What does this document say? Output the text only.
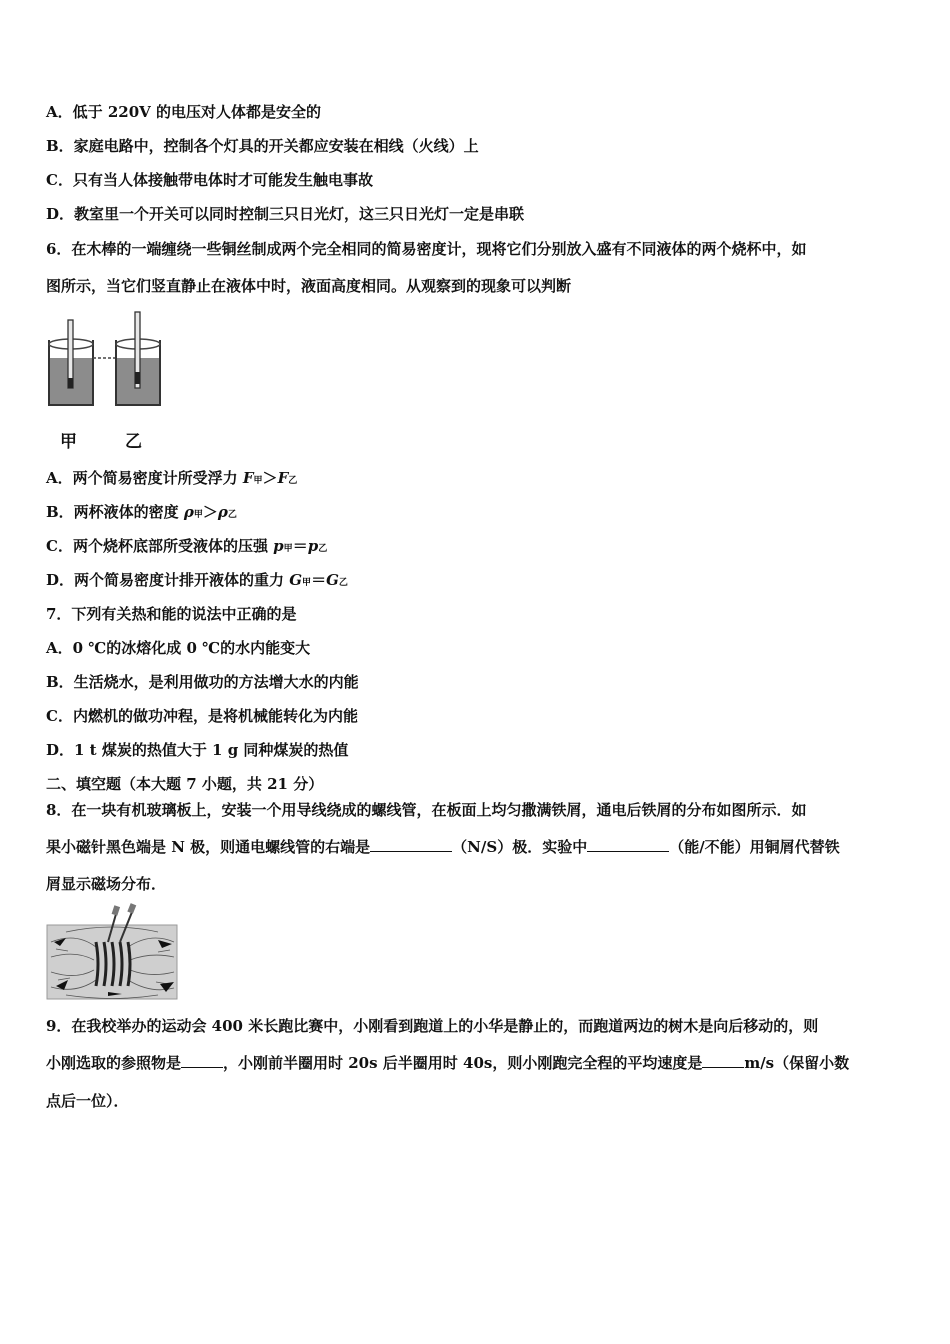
A．低于 220V 的电压对人体都是安全的
B．家庭电路中，控制各个灯具的开关都应安装在相线（火线）上
C．只有当人体接触带电体时才可能发生触电事故
D．教室里一个开关可以同时控制三只日光灯，这三只日光灯一定是串联
6．在木棒的一端缠绕一些铜丝制成两个完全相同的简易密度计，现将它们分别放入盛有不同液体的两个烧杯中，如
图所示，当它们竖直静止在液体中时，液面高度相同。从观察到的现象可以判断
甲	乙
A．两个简易密度计所受浮力 F甲＞F乙
B．两杯液体的密度 ρ甲＞ρ乙
C．两个烧杯底部所受液体的压强 p甲＝p乙
D．两个简易密度计排开液体的重力 G甲＝G乙
7．下列有关热和能的说法中正确的是
A．0 ℃的冰熔化成 0 ℃的水内能变大
B．生活烧水，是利用做功的方法增大水的内能
C．内燃机的做功冲程，是将机械能转化为内能
D．1 t 煤炭的热值大于 1 g 同种煤炭的热值
二、填空题（本大题 7 小题，共 21 分）
8．在一块有机玻璃板上，安装一个用导线绕成的螺线管，在板面上均匀撒满铁屑，通电后铁屑的分布如图所示．如
果小磁针黑色端是 N 极，则通电螺线管的右端是	（N/S）极．实验中	（能/不能）用铜屑代替铁
屑显示磁场分布．
9．在我校举办的运动会 400 米长跑比赛中，小刚看到跑道上的小华是静止的，而跑道两边的树木是向后移动的，则
小刚选取的参照物是	，小刚前半圈用时 20s 后半圈用时 40s，则小刚跑完全程的平均速度是	m/s（保留小数
点后一位）．
